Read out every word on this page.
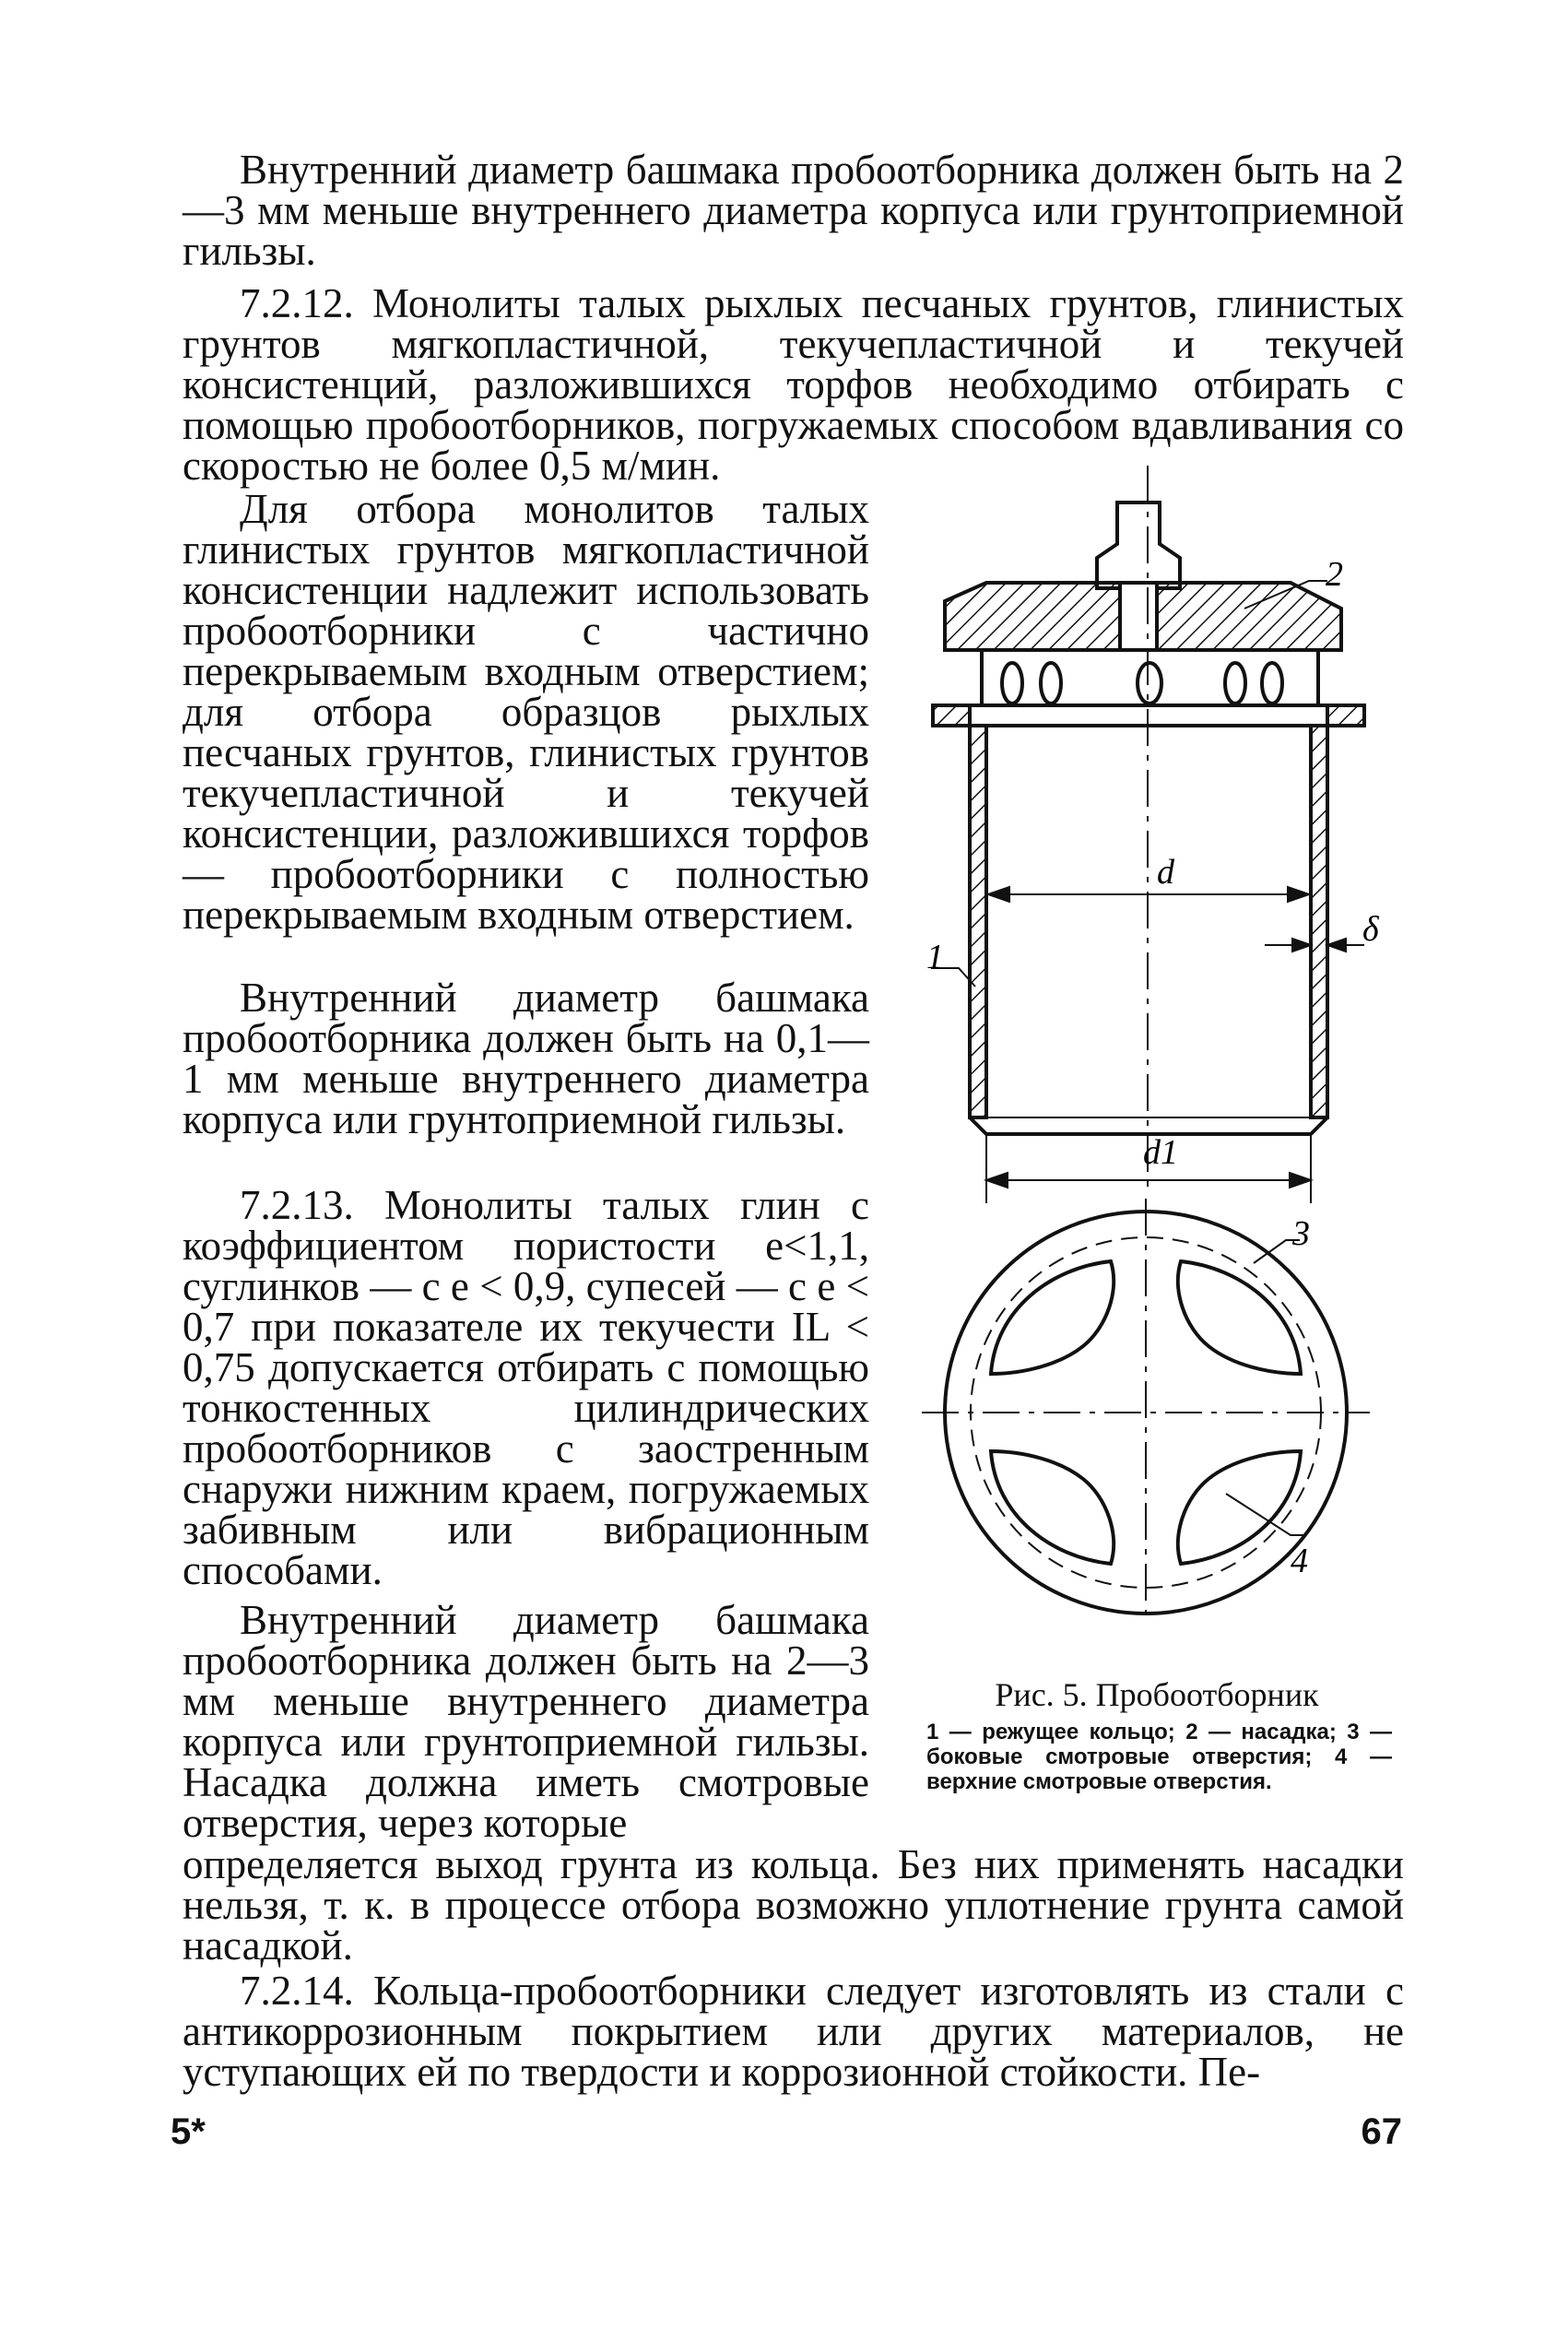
Внутренний диаметр башмака пробоотборника должен быть на 2—3 мм меньше внутреннего диаметра корпуса или грунтоприемной гильзы.

7.2.12. Монолиты талых рыхлых песчаных грунтов, глинистых грунтов мягкопластичной, текучепластичной и текучей консистенций, разложившихся торфов необходимо отбирать с помощью пробоотборников, погружаемых способом вдавливания со скоростью не более 0,5 м/мин.

Для отбора монолитов талых глинистых грунтов мягкопластичной консистенции надлежит использовать пробоотборники с частично перекрываемым входным отверстием; для отбора образцов рыхлых песчаных грунтов, глинистых грунтов текучепластичной и текучей консистенции, разложившихся торфов — пробоотборники с полностью перекрываемым входным отверстием.

Внутренний диаметр башмака пробоотборника должен быть на 0,1—1 мм меньше внутреннего диаметра корпуса или грунтоприемной гильзы.

7.2.13. Монолиты талых глин с коэффициентом пористости e<1,1, суглинков — с e < 0,9, супесей — с e < 0,7 при показателе их текучести IL < 0,75 допускается отбирать с помощью тонкостенных цилиндрических пробоотборников с заостренным снаружи нижним краем, погружаемых забивным или вибрационным способами.

Внутренний диаметр башмака пробоотборника должен быть на 2—3 мм меньше внутреннего диаметра корпуса или грунтоприемной гильзы. Насадка должна иметь смотровые отверстия, через которые

определяется выход грунта из кольца. Без них применять насадки нельзя, т. к. в процессе отбора возможно уплотнение грунта самой насадкой.

7.2.14. Кольца-пробоотборники следует изготовлять из стали с антикоррозионным покрытием или других материалов, не уступающих ей по твердости и коррозионной стойкости. Пе-

d
d1
δ
1
2
3
4

Рис. 5. Пробоотборник

1 — режущее кольцо; 2 — насадка; 3 — боковые смотровые отверстия; 4 — верхние смотровые отверстия.

5*	67
